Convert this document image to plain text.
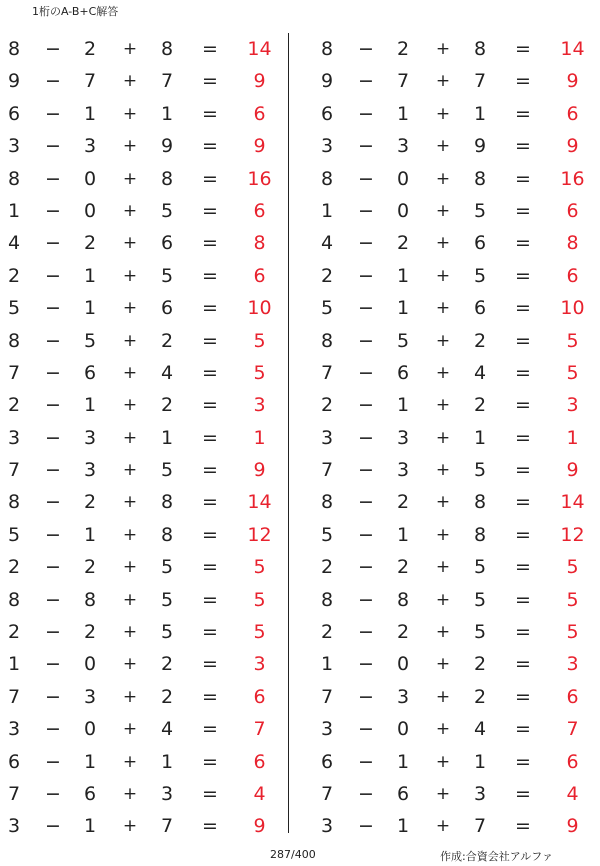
1桁のA-B+C解答
8	−	2	+	8	=	14
9	−	7	+	7	=	9
6	−	1	+	1	=	6
3	−	3	+	9	=	9
8	−	0	+	8	=	16
1	−	0	+	5	=	6
4	−	2	+	6	=	8
2	−	1	+	5	=	6
5	−	1	+	6	=	10
8	−	5	+	2	=	5
7	−	6	+	4	=	5
2	−	1	+	2	=	3
3	−	3	+	1	=	1
7	−	3	+	5	=	9
8	−	2	+	8	=	14
5	−	1	+	8	=	12
2	−	2	+	5	=	5
8	−	8	+	5	=	5
2	−	2	+	5	=	5
1	−	0	+	2	=	3
7	−	3	+	2	=	6
3	−	0	+	4	=	7
6	−	1	+	1	=	6
7	−	6	+	3	=	4
3	−	1	+	7	=	9
8	−	2	+	8	=	14
9	−	7	+	7	=	9
6	−	1	+	1	=	6
3	−	3	+	9	=	9
8	−	0	+	8	=	16
1	−	0	+	5	=	6
4	−	2	+	6	=	8
2	−	1	+	5	=	6
5	−	1	+	6	=	10
8	−	5	+	2	=	5
7	−	6	+	4	=	5
2	−	1	+	2	=	3
3	−	3	+	1	=	1
7	−	3	+	5	=	9
8	−	2	+	8	=	14
5	−	1	+	8	=	12
2	−	2	+	5	=	5
8	−	8	+	5	=	5
2	−	2	+	5	=	5
1	−	0	+	2	=	3
7	−	3	+	2	=	6
3	−	0	+	4	=	7
6	−	1	+	1	=	6
7	−	6	+	3	=	4
3	−	1	+	7	=	9
287/400	作成:合資会社アルファ
